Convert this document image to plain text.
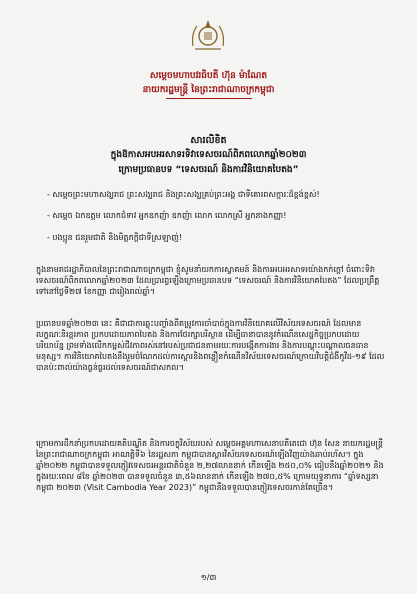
សម្តេចមហាបវរធិបតី ហ៊ុន ម៉ាណែត
នាយករដ្ឋមន្ត្រី នៃព្រះរាជាណាចក្រកម្ពុជា
សារលិខិត
ក្នុងឱកាសអបអរសាទរទិវាទេសចរណ៍ពិភពលោកឆ្នាំ២០២៣
ក្រោមប្រធានបទ “ទេសចរណ៍ និងការវិនិយោគបៃតង”
- សម្តេចព្រះមហាសង្ឃរាជ ព្រះសង្ឃរាជ និងព្រះសង្ឃគ្រប់ព្រះអង្គ ជាទីគោរពសក្ការៈដ៏ខ្ពង់ខ្ពស់!
- សម្តេច ឯកឧត្តម លោកជំទាវ អ្នកឧកញ៉ា ឧកញ៉ា លោក លោកស្រី អ្នកនាងកញ្ញា!
- បងប្អូន ជនរួមជាតិ និងមិត្តភក្តិជាទីស្រឡាញ់!
ក្នុងនាមរាជរដ្ឋាភិបាលនៃព្រះរាជាណាចក្រកម្ពុជា ខ្ញុំសូមនាំយកការស្វាគមន៍ និងការអបអរសាទរយ៉ាងកក់ក្តៅ ចំពោះទិវាទេសចរណ៍ពិភពលោកឆ្នាំ២០២៣ ដែលប្រារព្ធឡើងក្រោមប្រធានបទ “ទេសចរណ៍ និងការវិនិយោគបៃតង” ដែលប្រព្រឹត្តទៅនៅថ្ងៃទី២៧ ខែកញ្ញា ជារៀងរាល់ឆ្នាំ។
ប្រធានបទឆ្នាំ២០២៣ នេះ គឺជាជាការឆ្លុះបញ្ចាំងពីតម្រូវការចាំបាច់ក្នុងការវិនិយោគលើវិស័យទេសចរណ៍ ដែលមានលក្ខណៈនិរន្តរភាព ប្រកបដោយភាពបៃតង និងការថែរក្សាបរិស្ថាន ដើម្បីធានាបាននូវកំណើនសេដ្ឋកិច្ចប្រកបដោយបរិយាប័ន្ន ព្រមទាំងលើកកម្ពស់ជីវភាពរស់នៅរបស់ប្រជាជនតាមរយៈការបង្កើតការងារ និងការបណ្តុះបណ្តាលធនធានមនុស្ស។ ការវិនិយោគបៃតងនឹងរួមចំណែកដល់ការស្តារនិងពន្លឿនកំណើនវិស័យទេសចរណ៍ក្រោយវិបត្តិជំងឺកូវីដ-១៩ ដែលបានប៉ះពាល់យ៉ាងធ្ងន់ធ្ងរដល់ទេសចរណ៍ជាសកល។
ក្រោមការដឹកនាំប្រកបដោយគតិបណ្ឌិត និងការចក្ខុវិស័យរបស់ សម្តេចអគ្គមហាសេនាបតីតេជោ ហ៊ុន សែន នាយករដ្ឋមន្ត្រី នៃព្រះរាជាណាចក្រកម្ពុជា អាណត្តិទី៦ នៃរដ្ឋសភា កម្ពុជាបានស្តារវិស័យទេសចរណ៍ឡើងវិញយ៉ាងឆាប់រហ័ស។ ក្នុងឆ្នាំ២០២២ កម្ពុជាបានទទួលភ្ញៀវទេសចរអន្តរជាតិចំនួន ២,២៧លាននាក់ កើនឡើង ២៥០,០% ធៀបនឹងឆ្នាំ២០២១ និងក្នុងរយៈពេល ៨ខែ ឆ្នាំ២០២៣ បានទទួលចំនួន ៣,៥៦លាននាក់ កើនឡើង ២៧០,៥% ក្រោមយុទ្ធនាការ “ឆ្នាំទស្សនាកម្ពុជា ២០២៣ (Visit Cambodia Year 2023)” កម្ពុជានឹងទទួលបានភ្ញៀវទេសចរកាន់តែច្រើន។
១/៣
